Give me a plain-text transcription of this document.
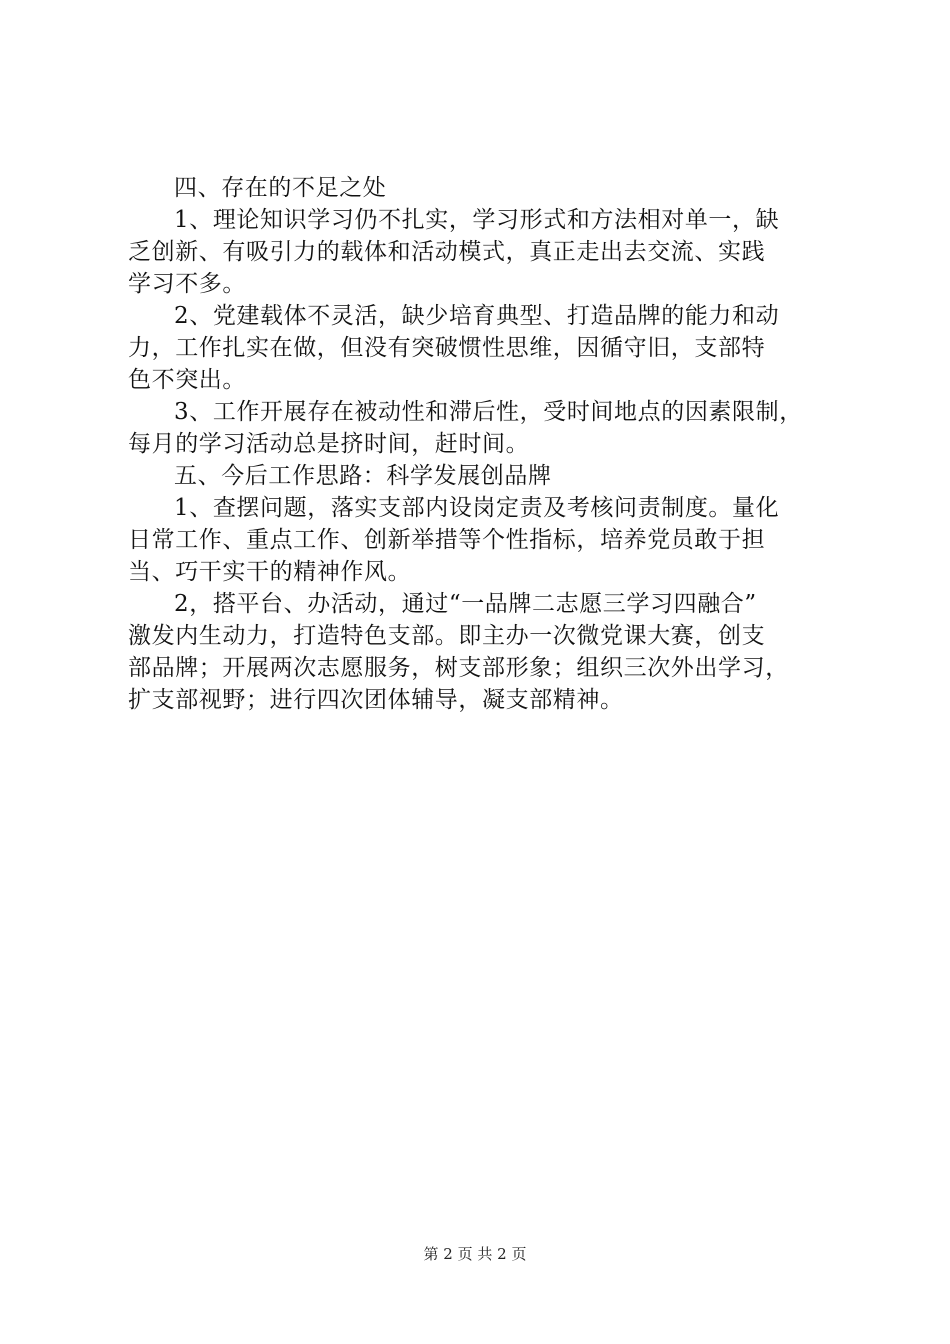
四、存在的不足之处
1、理论知识学习仍不扎实，学习形式和方法相对单一，缺
乏创新、有吸引力的载体和活动模式，真正走出去交流、实践
学习不多。
2、党建载体不灵活，缺少培育典型、打造品牌的能力和动
力，工作扎实在做，但没有突破惯性思维，因循守旧，支部特
色不突出。
3、工作开展存在被动性和滞后性，受时间地点的因素限制，
每月的学习活动总是挤时间，赶时间。
五、今后工作思路：科学发展创品牌
1、查摆问题，落实支部内设岗定责及考核问责制度。量化
日常工作、重点工作、创新举措等个性指标，培养党员敢于担
当、巧干实干的精神作风。
2，搭平台、办活动，通过“一品牌二志愿三学习四融合”
激发内生动力，打造特色支部。即主办一次微党课大赛，创支
部品牌；开展两次志愿服务，树支部形象；组织三次外出学习，
扩支部视野；进行四次团体辅导，凝支部精神。
第 2 页 共 2 页
